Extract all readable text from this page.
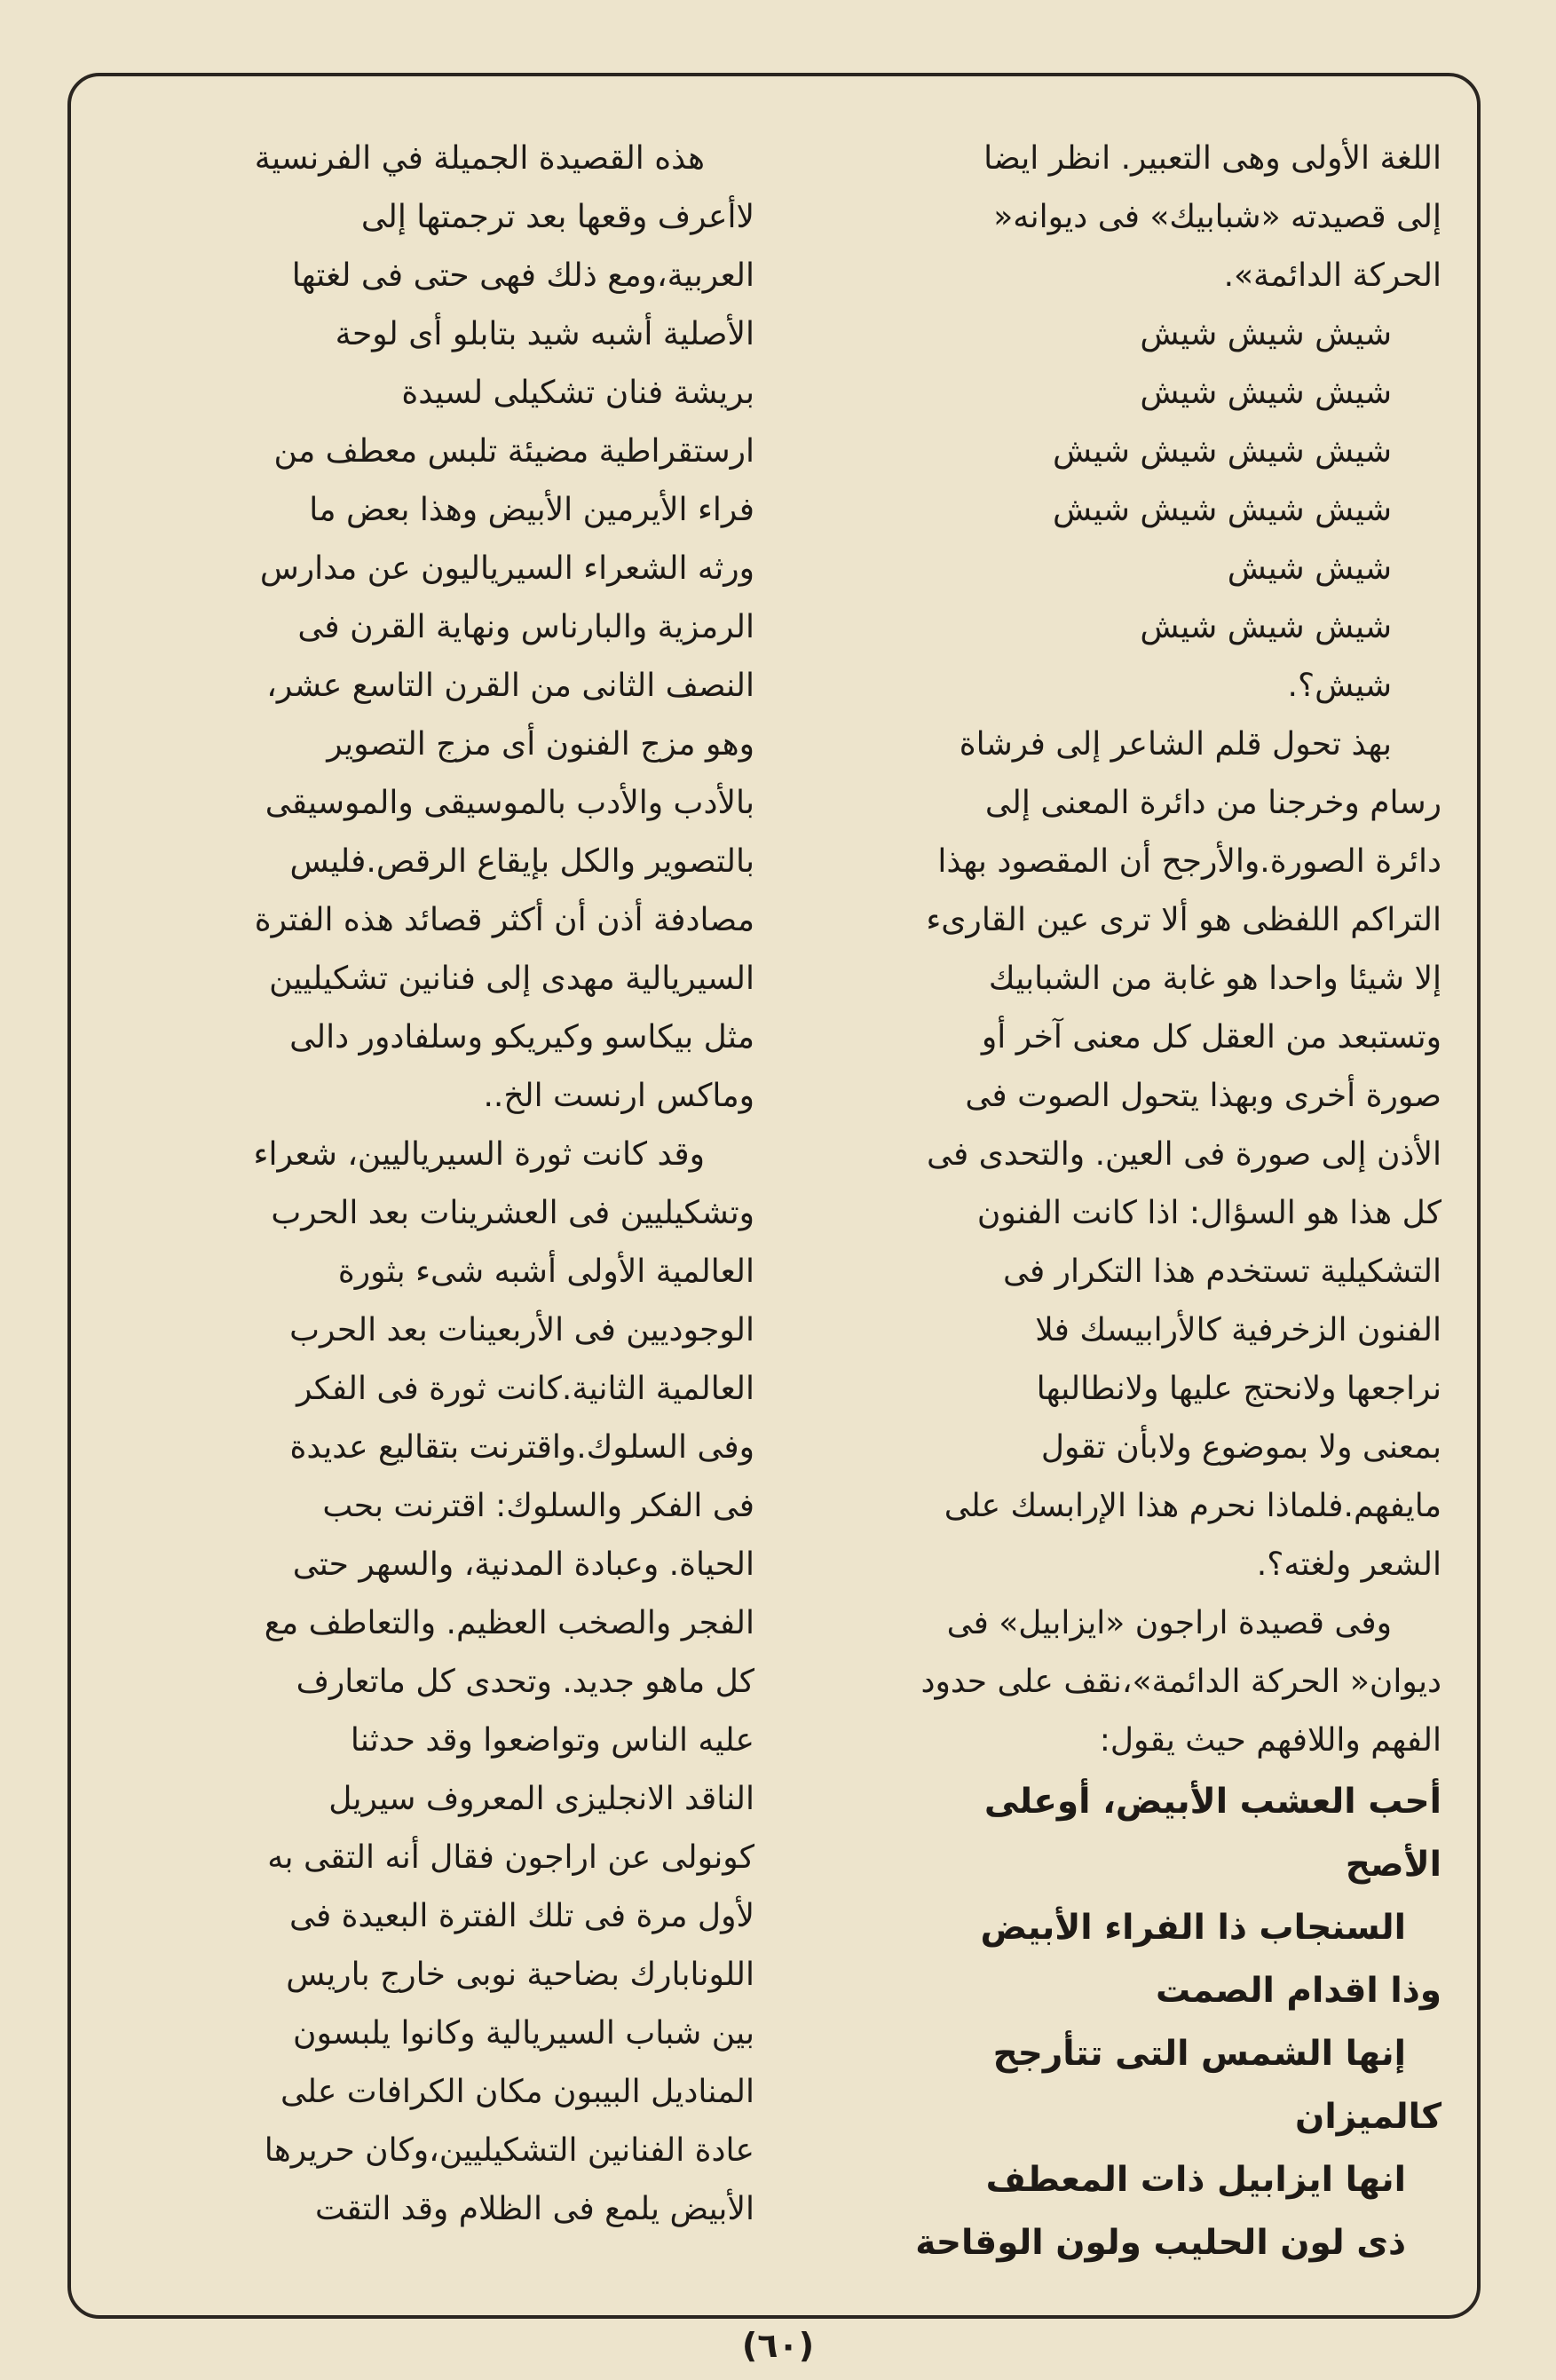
اللغة الأولى وهى التعبير. انظر ايضا
إلى قصيدته «شبابيك» فى ديوانه«
الحركة الدائمة».
شيش شيش شيش
شيش شيش شيش
شيش شيش شيش شيش
شيش شيش شيش شيش
شيش شيش
شيش شيش شيش
شيش؟.
بهذ تحول قلم الشاعر إلى فرشاة
رسام وخرجنا من دائرة المعنى إلى
دائرة الصورة.والأرجح أن المقصود بهذا
التراكم اللفظى هو ألا ترى عين القارىء
إلا شيئا واحدا هو غابة من الشبابيك
وتستبعد من العقل كل معنى آخر أو
صورة أخرى وبهذا يتحول الصوت فى
الأذن إلى صورة فى العين. والتحدى فى
كل هذا هو السؤال: اذا كانت الفنون
التشكيلية تستخدم هذا التكرار فى
الفنون الزخرفية كالأرابيسك فلا
نراجعها ولانحتج عليها ولانطالبها
بمعنى ولا بموضوع ولابأن تقول
مايفهم.فلماذا نحرم هذا الإرابسك على
الشعر ولغته؟.
وفى قصيدة اراجون «ايزابيل» فى
ديوان« الحركة الدائمة»،نقف على حدود
الفهم واللافهم حيث يقول:
أحب العشب الأبيض، أوعلى
الأصح
السنجاب ذا الفراء الأبيض
وذا اقدام الصمت
إنها الشمس التى تتأرجح
كالميزان
انها ايزابيل ذات المعطف
ذى لون الحليب ولون الوقاحة
هذه القصيدة الجميلة في الفرنسية
لاأعرف وقعها بعد ترجمتها إلى
العربية،ومع ذلك فهى حتى فى لغتها
الأصلية أشبه شيد بتابلو أى لوحة
بريشة فنان تشكيلى لسيدة
ارستقراطية مضيئة تلبس معطف من
فراء الأيرمين الأبيض وهذا بعض ما
ورثه الشعراء السيرياليون عن مدارس
الرمزية والبارناس ونهاية القرن فى
النصف الثانى من القرن التاسع عشر،
وهو مزج الفنون أى مزج التصوير
بالأدب والأدب بالموسيقى والموسيقى
بالتصوير والكل بإيقاع الرقص.فليس
مصادفة أذن أن أكثر قصائد هذه الفترة
السيريالية مهدى إلى فنانين تشكيليين
مثل بيكاسو وكيريكو وسلفادور دالى
وماكس ارنست الخ..
وقد كانت ثورة السيرياليين، شعراء
وتشكيليين فى العشرينات بعد الحرب
العالمية الأولى أشبه شىء بثورة
الوجوديين فى الأربعينات بعد الحرب
العالمية الثانية.كانت ثورة فى الفكر
وفى السلوك.واقترنت بتقاليع عديدة
فى الفكر والسلوك: اقترنت بحب
الحياة. وعبادة المدنية، والسهر حتى
الفجر والصخب العظيم. والتعاطف مع
كل ماهو جديد. وتحدى كل ماتعارف
عليه الناس وتواضعوا وقد حدثنا
الناقد الانجليزى المعروف سيريل
كونولى عن اراجون فقال أنه التقى به
لأول مرة فى تلك الفترة البعيدة فى
اللونابارك بضاحية نوبى خارج باريس
بين شباب السيريالية وكانوا يلبسون
المناديل البيبون مكان الكرافات على
عادة الفنانين التشكيليين،وكان حريرها
الأبيض يلمع فى الظلام وقد التقت
(٦٠)
